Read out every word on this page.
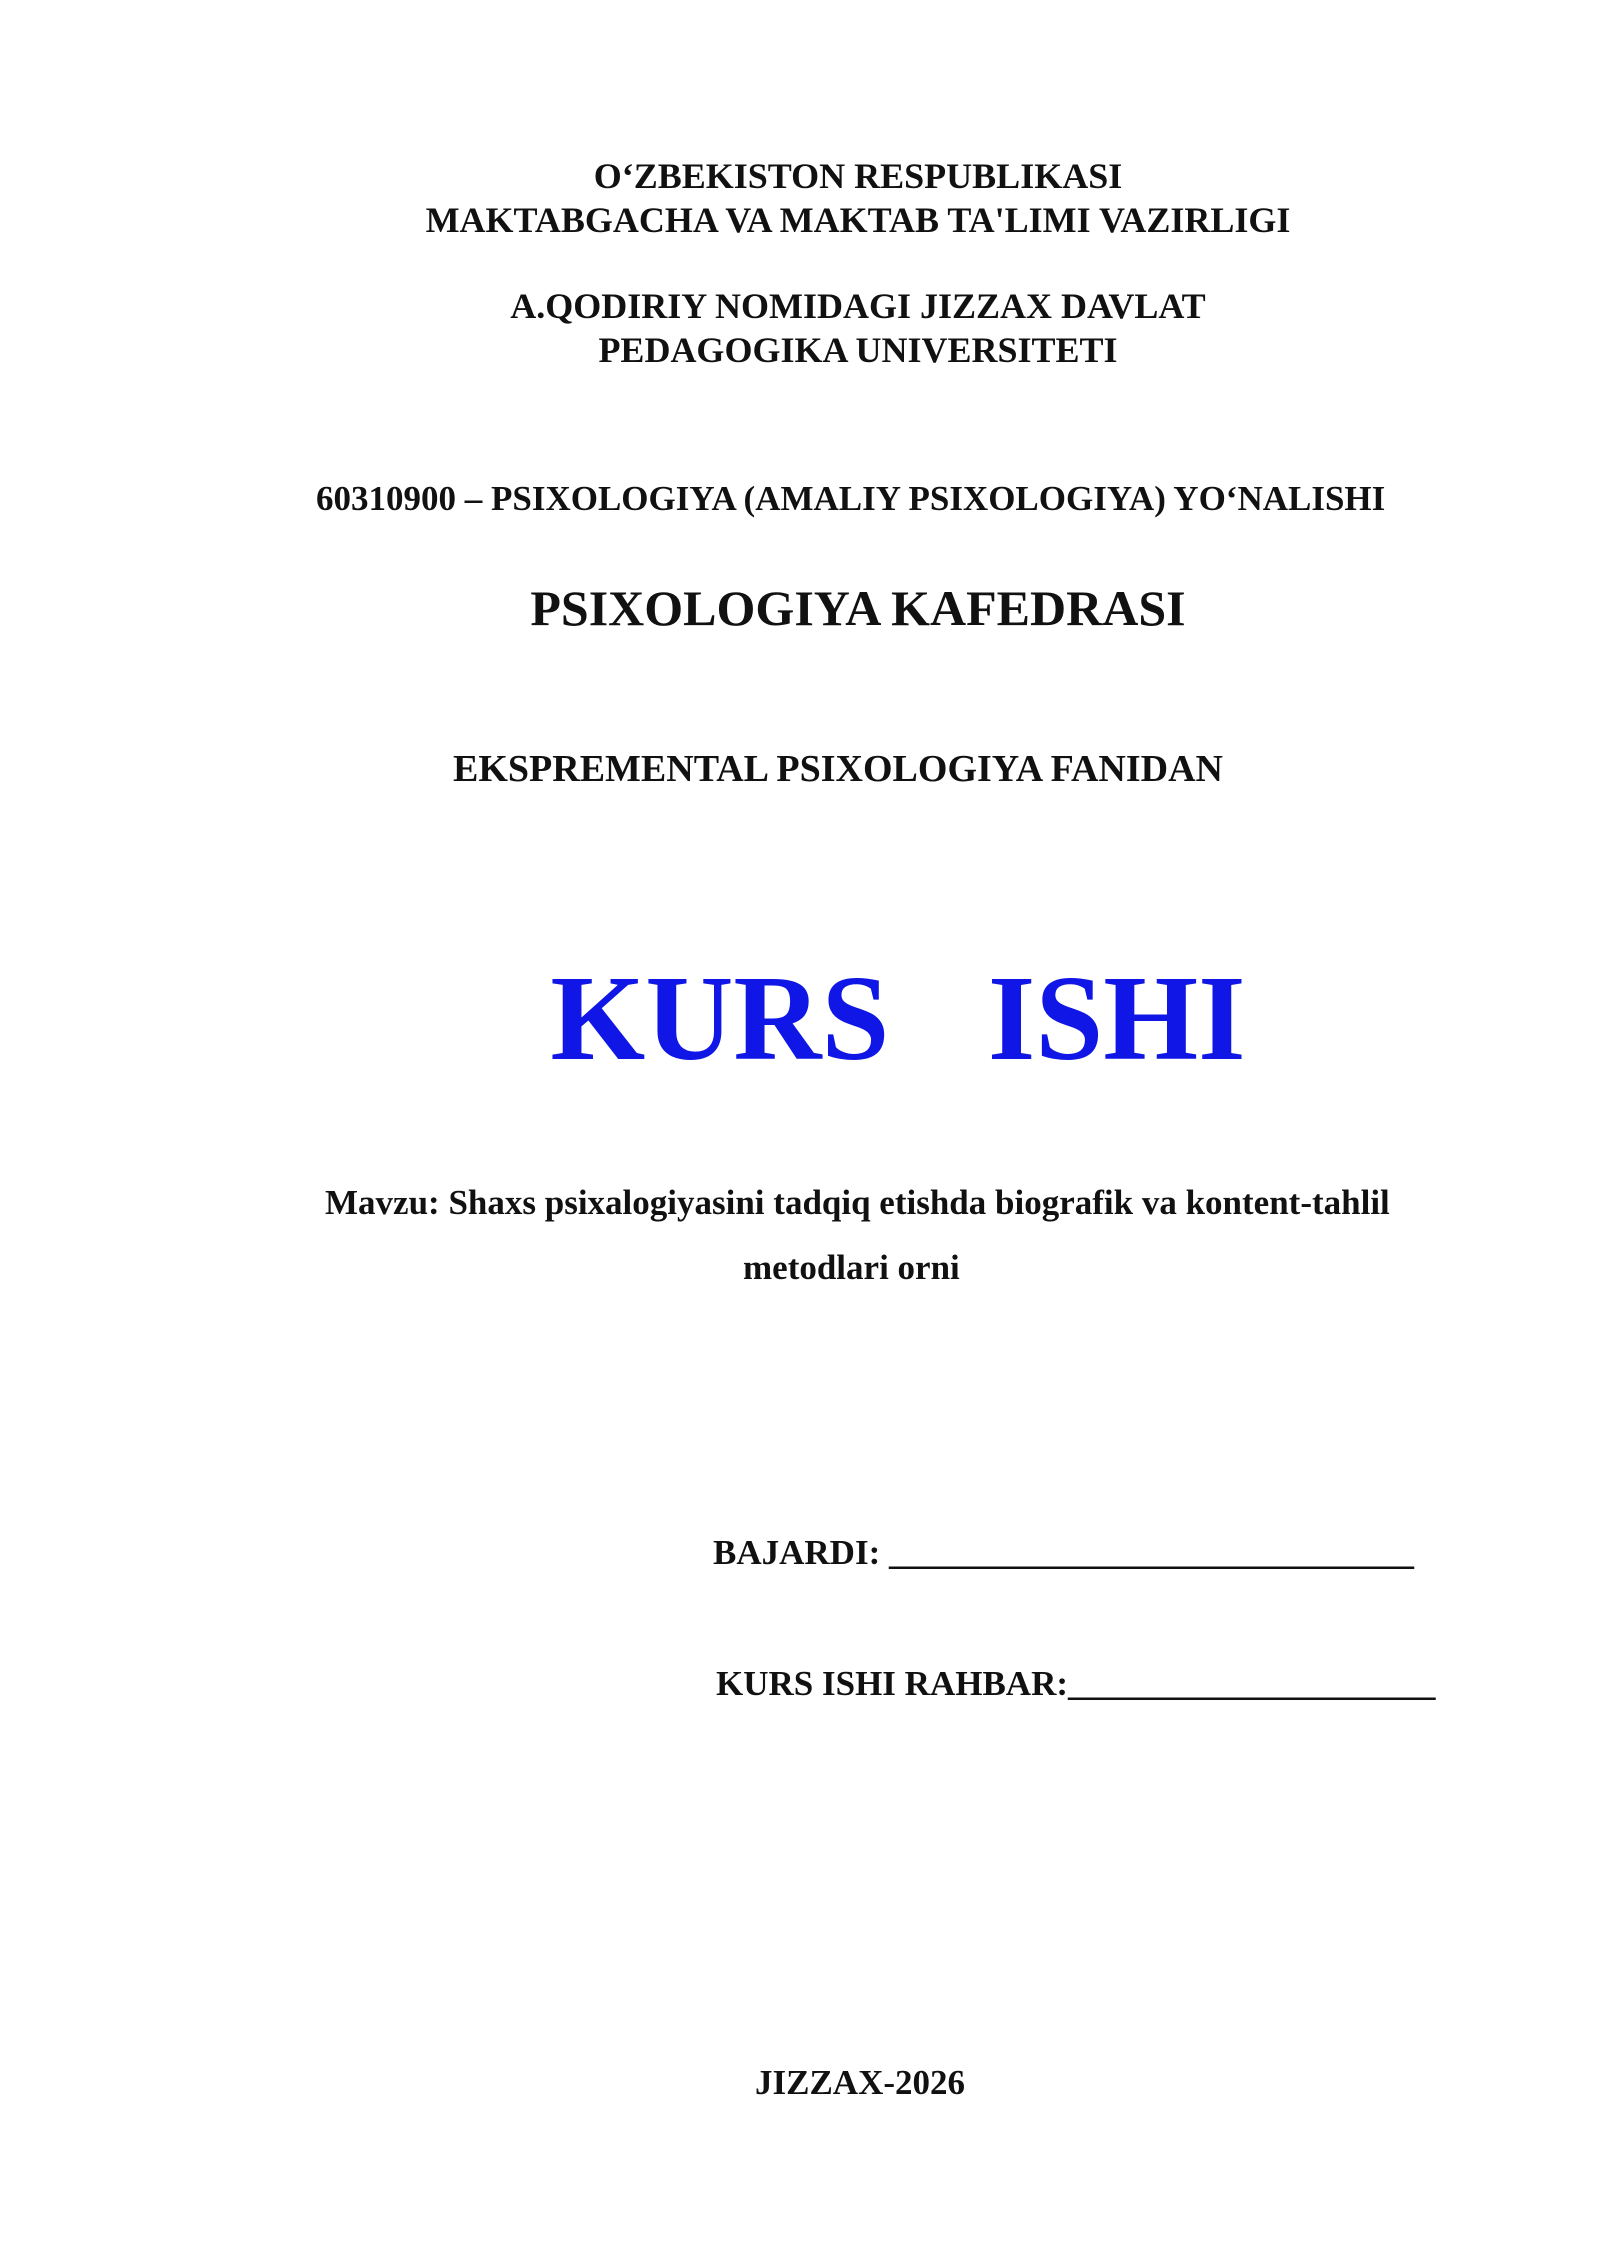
O‘ZBEKISTON RESPUBLIKASI
MAKTABGACHA VA MAKTAB TA'LIMI VAZIRLIGI
A.QODIRIY NOMIDAGI JIZZAX DAVLAT
PEDAGOGIKA UNIVERSITETI
60310900 – PSIXOLOGIYA (AMALIY PSIXOLOGIYA) YO‘NALISHI
PSIXOLOGIYA KAFEDRASI
EKSPREMENTAL PSIXOLOGIYA FANIDAN
KURS ISHI
Mavzu: Shaxs psixalogiyasini tadqiq etishda biografik va kontent-tahlil
metodlari orni
BAJARDI: ______________________________
KURS ISHI RAHBAR:_____________________
JIZZAX-2026
